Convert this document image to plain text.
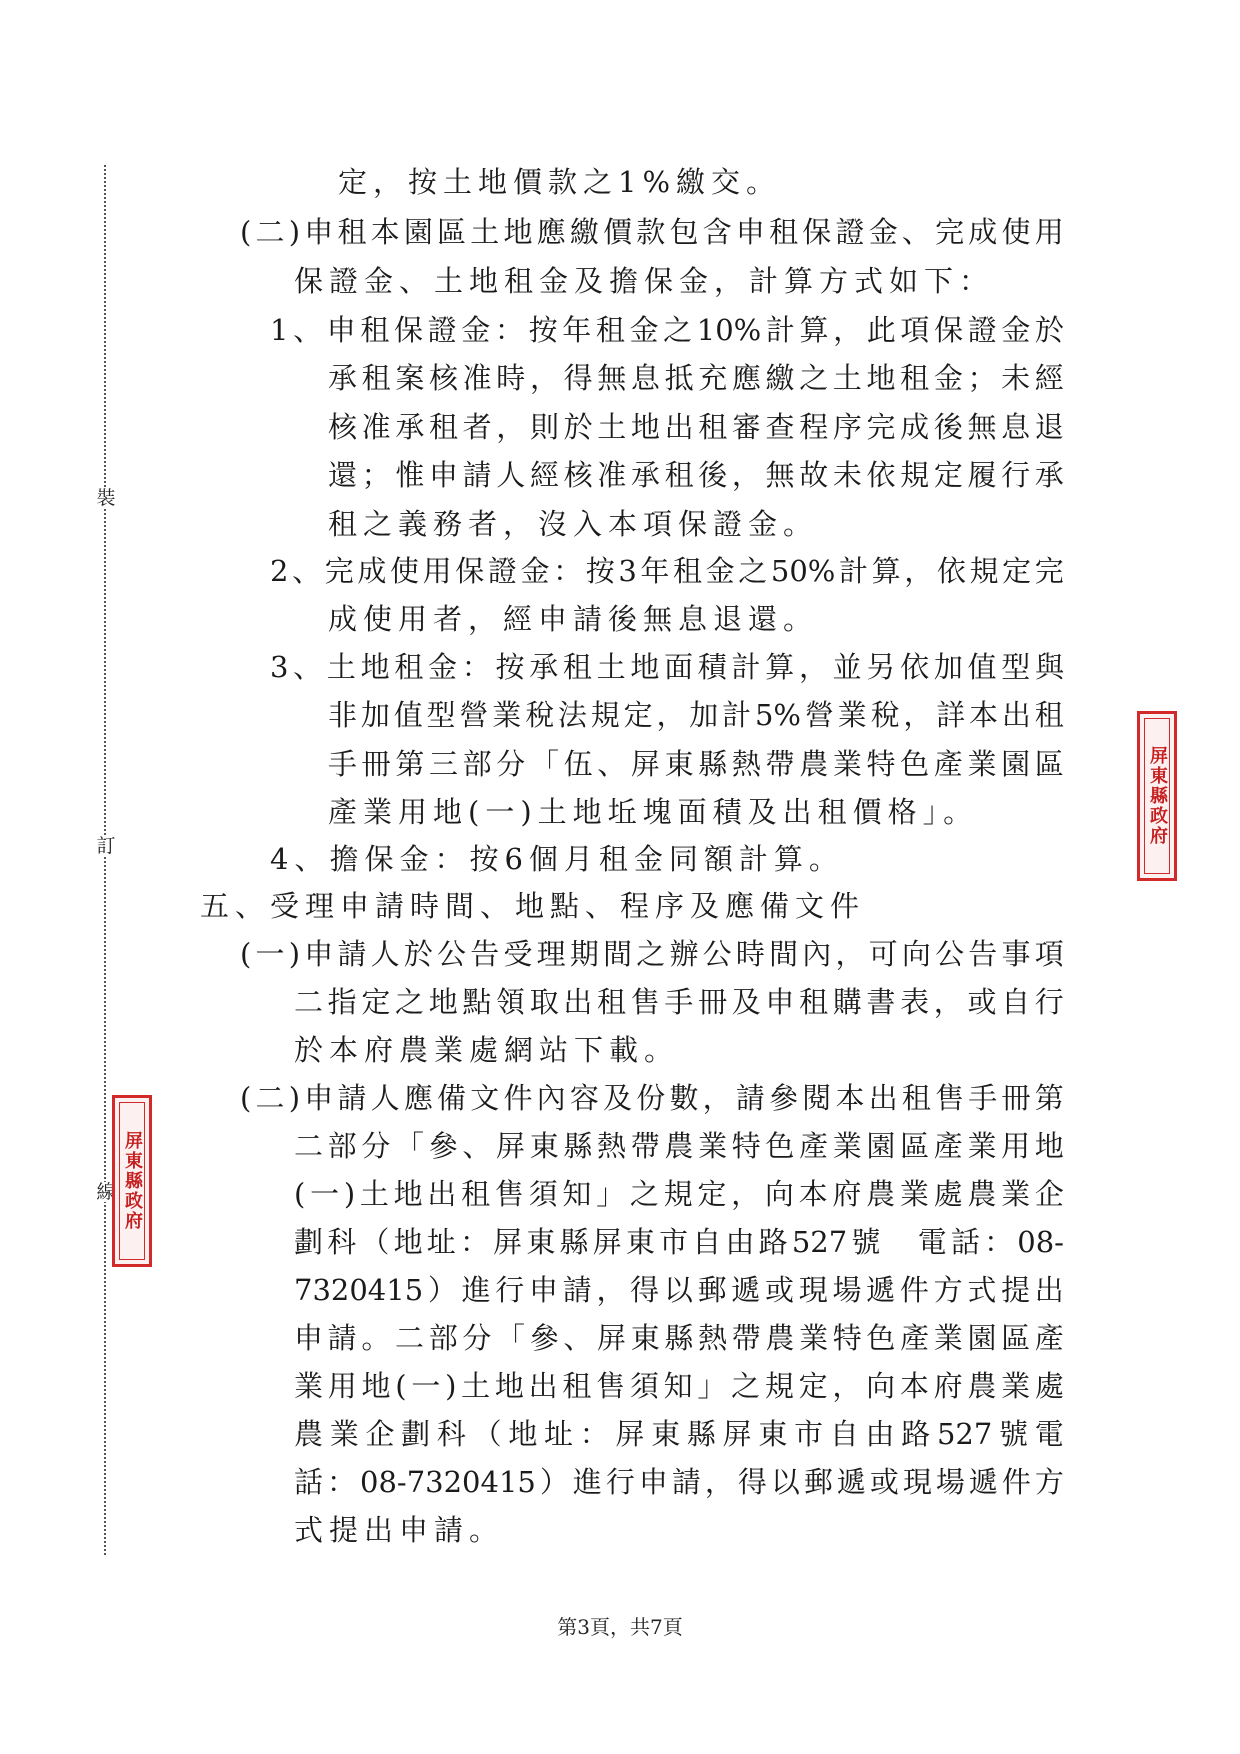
裝
訂
線 屏東縣政府
屏東縣政府
定，按土地價款之1%繳交。
( 二 ) 申 租 本 園 區 土 地 應 繳 價 款 包 含 申 租 保 證 金 、 完 成 使 用
保證金、土地租金及擔保金，計算方式如下：
1 、 申 租 保 證 金 ： 按 年 租 金 之 10% 計 算 ， 此 項 保 證 金 於
承 租 案 核 准 時 ， 得 無 息 抵 充 應 繳 之 土 地 租 金 ； 未 經
核 准 承 租 者 ， 則 於 土 地 出 租 審 查 程 序 完 成 後 無 息 退
還 ； 惟 申 請 人 經 核 准 承 租 後 ， 無 故 未 依 規 定 履 行 承
租之義務者，沒入本項保證金。
2 、 完 成 使 用 保 證 金 ： 按 3 年 租 金 之 50% 計 算 ， 依 規 定 完
成使用者，經申請後無息退還。
3 、 土 地 租 金 ： 按 承 租 土 地 面 積 計 算 ， 並 另 依 加 值 型 與
非 加 值 型 營 業 稅 法 規 定 ， 加 計 5% 營 業 稅 ， 詳 本 出 租
手 冊 第 三 部 分 「 伍 、 屏 東 縣 熱 帶 農 業 特 色 產 業 園 區
產業用地(一)土地坵塊面積及出租價格」。
4、擔保金：按6個月租金同額計算。
五、受理申請時間、地點、程序及應備文件
( 一 ) 申 請 人 於 公 告 受 理 期 間 之 辦 公 時 間 內 ， 可 向 公 告 事 項
二 指 定 之 地 點 領 取 出 租 售 手 冊 及 申 租 購 書 表 ， 或 自 行
於本府農業處網站下載。
( 二 ) 申 請 人 應 備 文 件 內 容 及 份 數 ， 請 參 閱 本 出 租 售 手 冊 第
二 部 分 「 參 、 屏 東 縣 熱 帶 農 業 特 色 產 業 園 區 產 業 用 地
( 一 ) 土 地 出 租 售 須 知 」 之 規 定 ， 向 本 府 農 業 處 農 業 企
劃 科 （ 地 址 ： 屏 東 縣 屏 東 市 自 由 路 527 號
　 電 話 ： 08-
7320415 ） 進 行 申 請 ， 得 以 郵 遞 或 現 場 遞 件 方 式 提 出
申 請 。 二 部 分 「 參 、 屏 東 縣 熱 帶 農 業 特 色 產 業 園 區 產
業 用 地 ( 一 ) 土 地 出 租 售 須 知 」 之 規 定 ， 向 本 府 農 業 處
農 業 企 劃 科 （ 地 址 ： 屏 東 縣 屏 東 市 自 由 路 527 號 電
話 ： 08-7320415 ） 進 行 申 請 ， 得 以 郵 遞 或 現 場 遞 件 方
式提出申請。
第3頁，共7頁
